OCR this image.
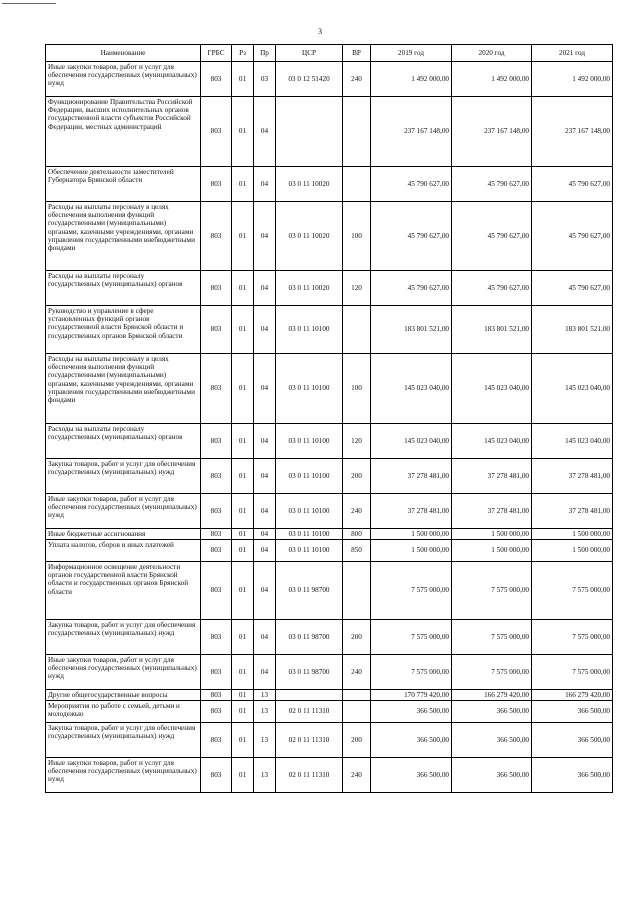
3
Наименование	ГРБС	Рз	Пр	ЦСР	ВР	2019 год	2020 год	2021 год
Иные закупки товаров, работ и услуг для обеспечения государственных (муниципальных) нужд	803	01	03	03 0 12 51420	240	1 492 000,00	1 492 000,00	1 492 000,00
Функционирование Правительства Российской Федерации, высших исполнительных органов государственной власти субъектов Российской Федерации, местных администраций	803	01	04			237 167 148,00	237 167 148,00	237 167 148,00
Обеспечение деятельности заместителей Губернатора Брянской области	803	01	04	03 0 11 10020		45 790 627,00	45 790 627,00	45 790 627,00
Расходы на выплаты персоналу в целях обеспечения выполнения функций государственными (муниципальными) органами, казенными учреждениями, органами управления государственными внебюджетными фондами	803	01	04	03 0 11 10020	100	45 790 627,00	45 790 627,00	45 790 627,00
Расходы на выплаты персоналу государственных (муниципальных) органов	803	01	04	03 0 11 10020	120	45 790 627,00	45 790 627,00	45 790 627,00
Руководство и управление в сфере установленных функций органов государственной власти Брянской области и государственных органов Брянской области	803	01	04	03 0 11 10100		183 801 521,00	183 801 521,00	183 801 521,00
Расходы на выплаты персоналу в целях обеспечения выполнения функций государственными (муниципальными) органами, казенными учреждениями, органами управления государственными внебюджетными фондами	803	01	04	03 0 11 10100	100	145 023 040,00	145 023 040,00	145 023 040,00
Расходы на выплаты персоналу государственных (муниципальных) органов	803	01	04	03 0 11 10100	120	145 023 040,00	145 023 040,00	145 023 040,00
Закупка товаров, работ и услуг для обеспечения государственных (муниципальных) нужд	803	01	04	03 0 11 10100	200	37 278 481,00	37 278 481,00	37 278 481,00
Иные закупки товаров, работ и услуг для обеспечения государственных (муниципальных) нужд	803	01	04	03 0 11 10100	240	37 278 481,00	37 278 481,00	37 278 481,00
Иные бюджетные ассигнования	803	01	04	03 0 11 10100	800	1 500 000,00	1 500 000,00	1 500 000,00
Уплата налогов, сборов и иных платежей	803	01	04	03 0 11 10100	850	1 500 000,00	1 500 000,00	1 500 000,00
Информационное освещение деятельности органов государственной власти Брянской области и государственных органов Брянской области	803	01	04	03 0 11 98700		7 575 000,00	7 575 000,00	7 575 000,00
Закупка товаров, работ и услуг для обеспечения государственных (муниципальных) нужд	803	01	04	03 0 11 98700	200	7 575 000,00	7 575 000,00	7 575 000,00
Иные закупки товаров, работ и услуг для обеспечения государственных (муниципальных) нужд	803	01	04	03 0 11 98700	240	7 575 000,00	7 575 000,00	7 575 000,00
Другие общегосударственные вопросы	803	01	13			170 779 420,00	166 279 420,00	166 279 420,00
Мероприятия по работе с семьей, детьми и молодежью	803	01	13	02 0 11 11310		366 500,00	366 500,00	366 500,00
Закупка товаров, работ и услуг для обеспечения государственных (муниципальных) нужд	803	01	13	02 0 11 11310	200	366 500,00	366 500,00	366 500,00
Иные закупки товаров, работ и услуг для обеспечения государственных (муниципальных) нужд	803	01	13	02 0 11 11310	240	366 500,00	366 500,00	366 500,00
